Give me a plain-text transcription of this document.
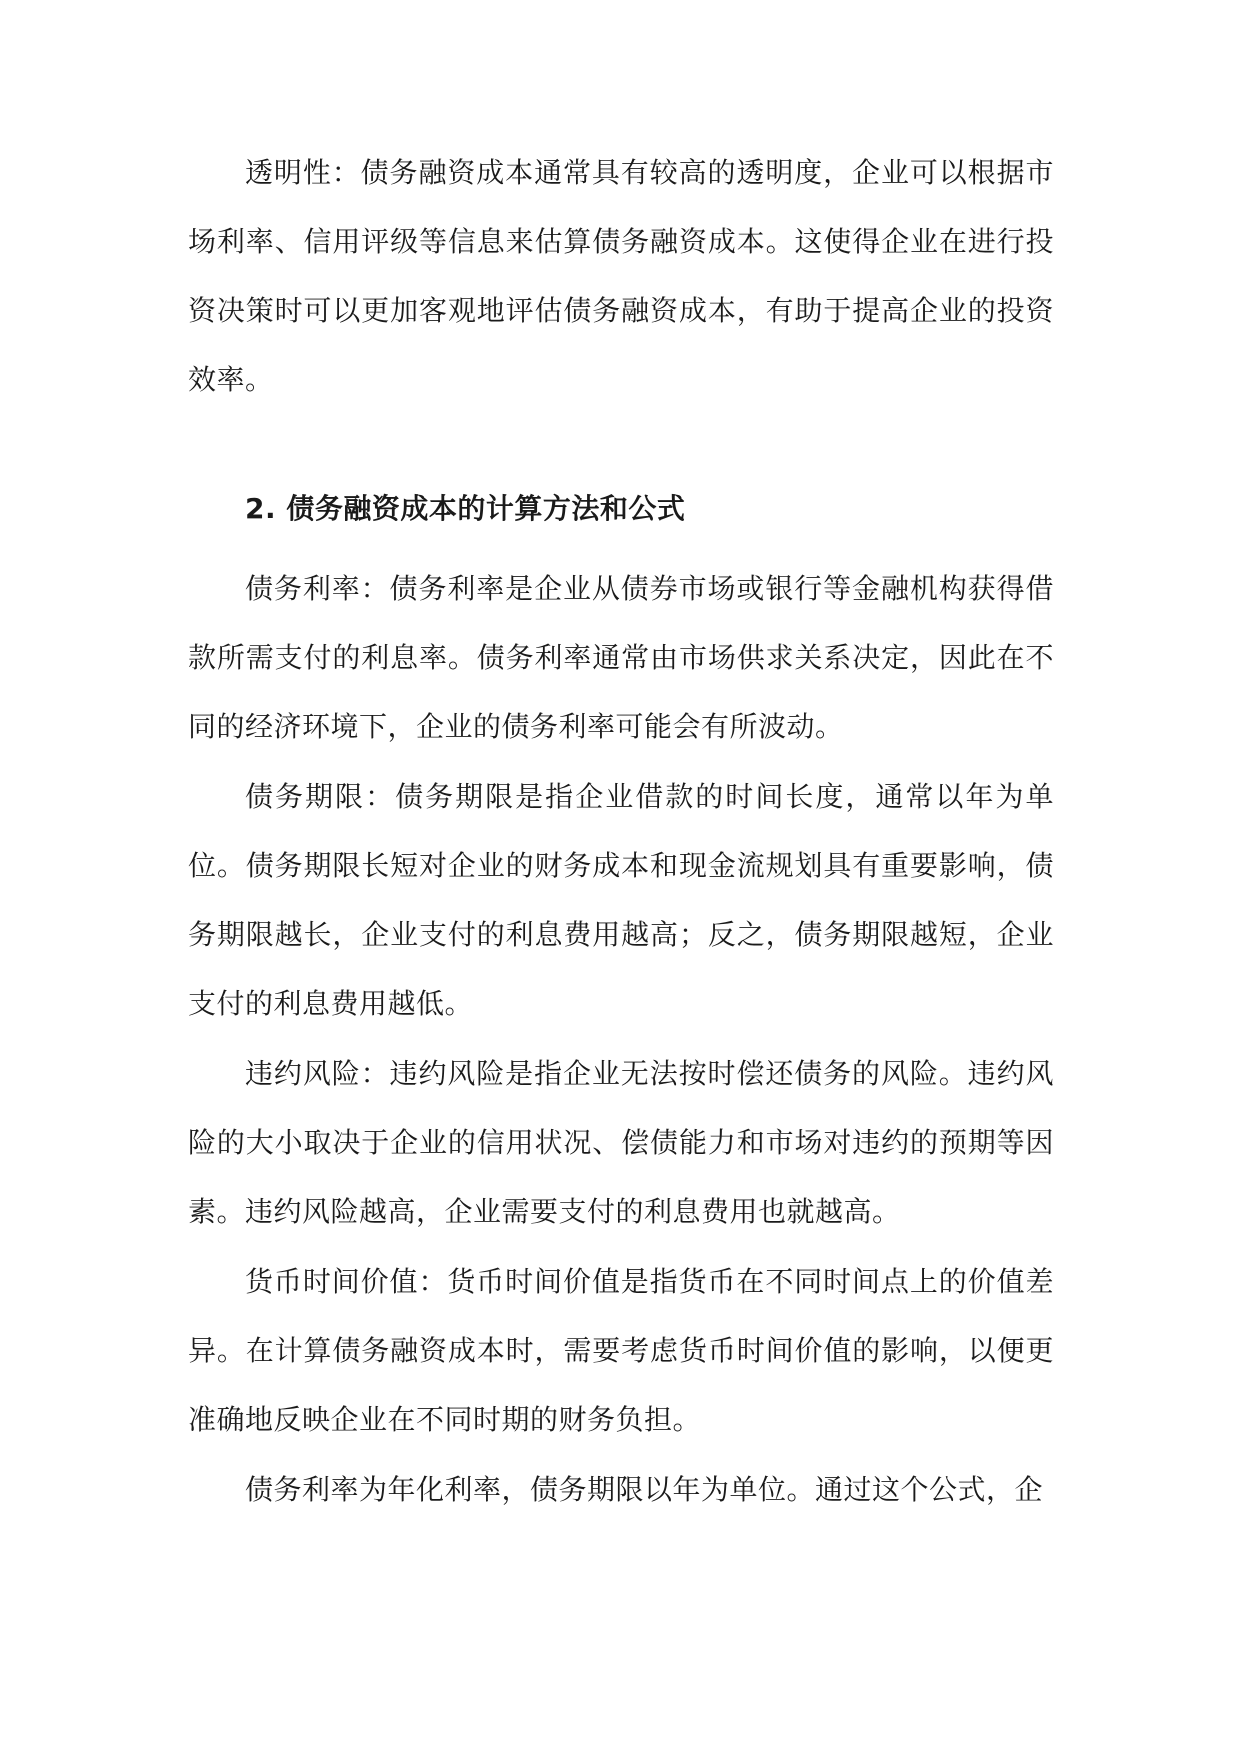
透明性：债务融资成本通常具有较高的透明度，企业可以根据市场利率、信用评级等信息来估算债务融资成本。这使得企业在进行投资决策时可以更加客观地评估债务融资成本，有助于提高企业的投资效率。

2. 债务融资成本的计算方法和公式

债务利率：债务利率是企业从债券市场或银行等金融机构获得借款所需支付的利息率。债务利率通常由市场供求关系决定，因此在不同的经济环境下，企业的债务利率可能会有所波动。

债务期限：债务期限是指企业借款的时间长度，通常以年为单位。债务期限长短对企业的财务成本和现金流规划具有重要影响，债务期限越长，企业支付的利息费用越高；反之，债务期限越短，企业支付的利息费用越低。

违约风险：违约风险是指企业无法按时偿还债务的风险。违约风险的大小取决于企业的信用状况、偿债能力和市场对违约的预期等因素。违约风险越高，企业需要支付的利息费用也就越高。

货币时间价值：货币时间价值是指货币在不同时间点上的价值差异。在计算债务融资成本时，需要考虑货币时间价值的影响，以便更准确地反映企业在不同时期的财务负担。

债务利率为年化利率，债务期限以年为单位。通过这个公式，企
